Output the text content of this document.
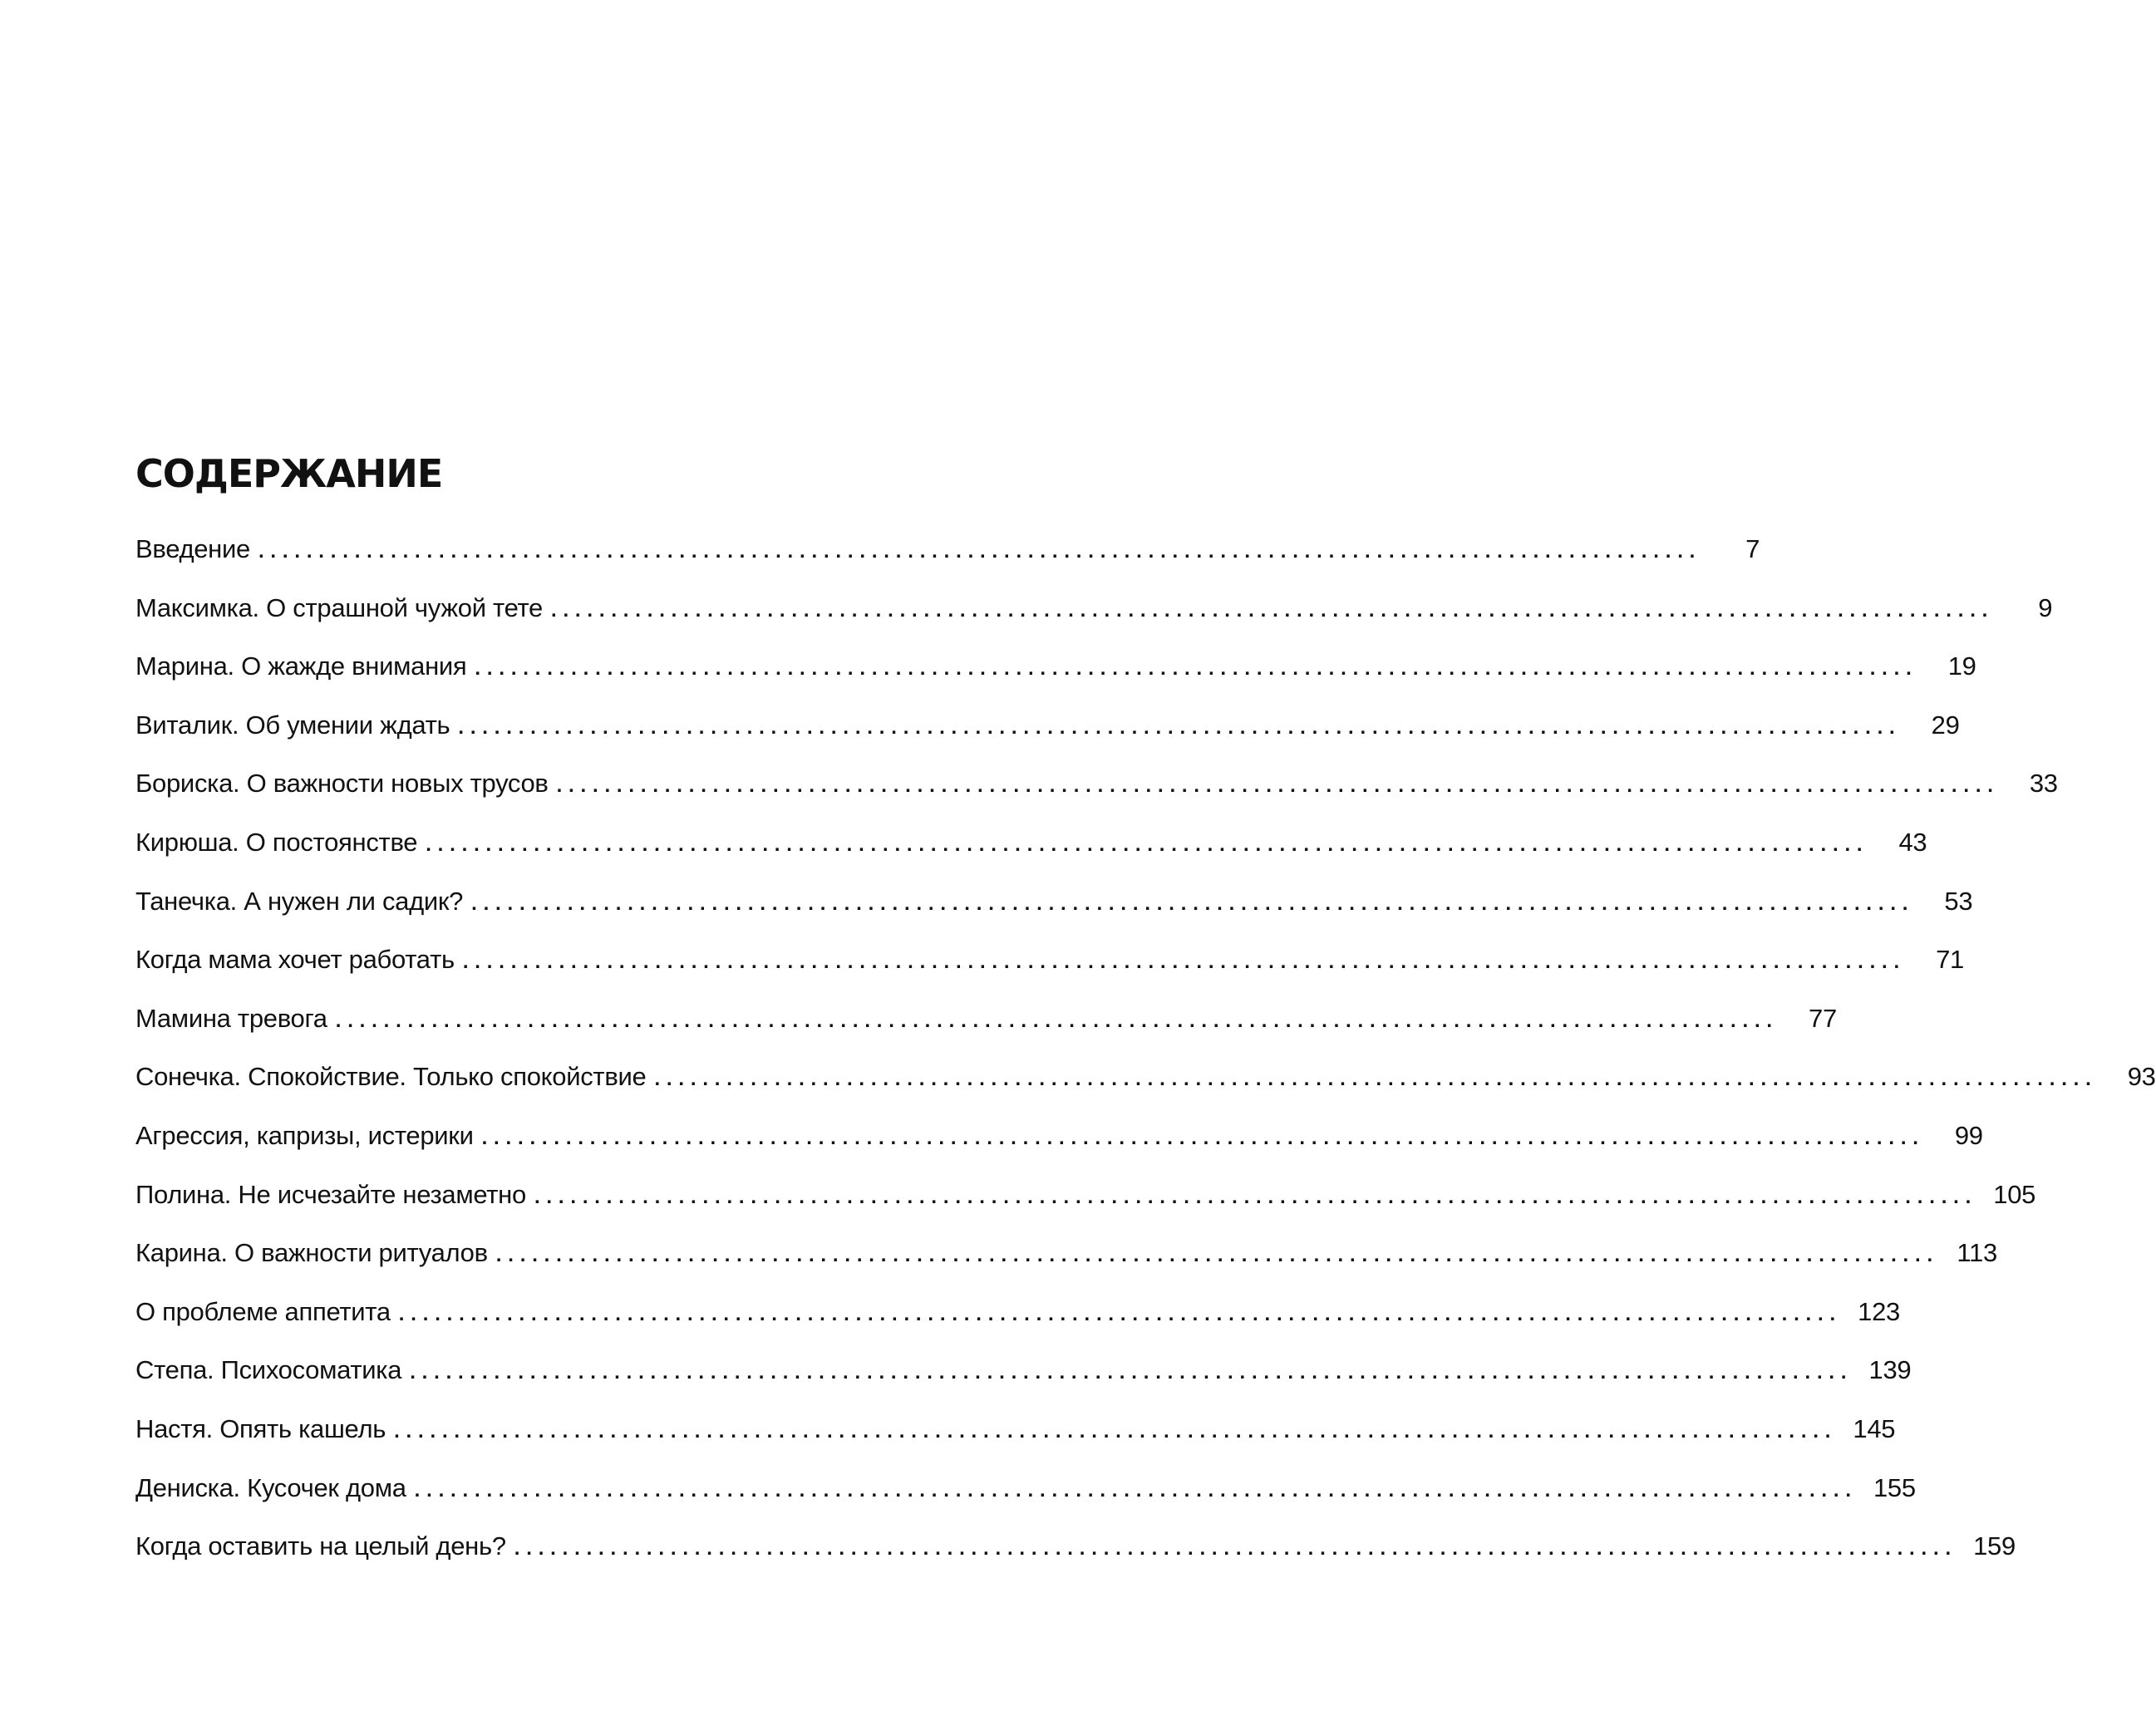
СОДЕРЖАНИЕ
Введение ........................................................................................................................	7
Максимка. О страшной чужой тете ........................................................................................................................	9
Марина. О жажде внимания ........................................................................................................................	19
Виталик. Об умении ждать ........................................................................................................................	29
Бориска. О важности новых трусов ........................................................................................................................	33
Кирюша. О постоянстве ........................................................................................................................	43
Танечка. А нужен ли садик? ........................................................................................................................	53
Когда мама хочет работать ........................................................................................................................	71
Мамина тревога ........................................................................................................................	77
Сонечка. Спокойствие. Только спокойствие ........................................................................................................................	93
Агрессия, капризы, истерики ........................................................................................................................	99
Полина. Не исчезайте незаметно ........................................................................................................................ 105
Карина. О важности ритуалов ........................................................................................................................ 113
О проблеме аппетита ........................................................................................................................ 123
Степа. Психосоматика ........................................................................................................................ 139
Настя. Опять кашель ........................................................................................................................ 145
Дениска. Кусочек дома ........................................................................................................................ 155
Когда оставить на целый день? ........................................................................................................................ 159
